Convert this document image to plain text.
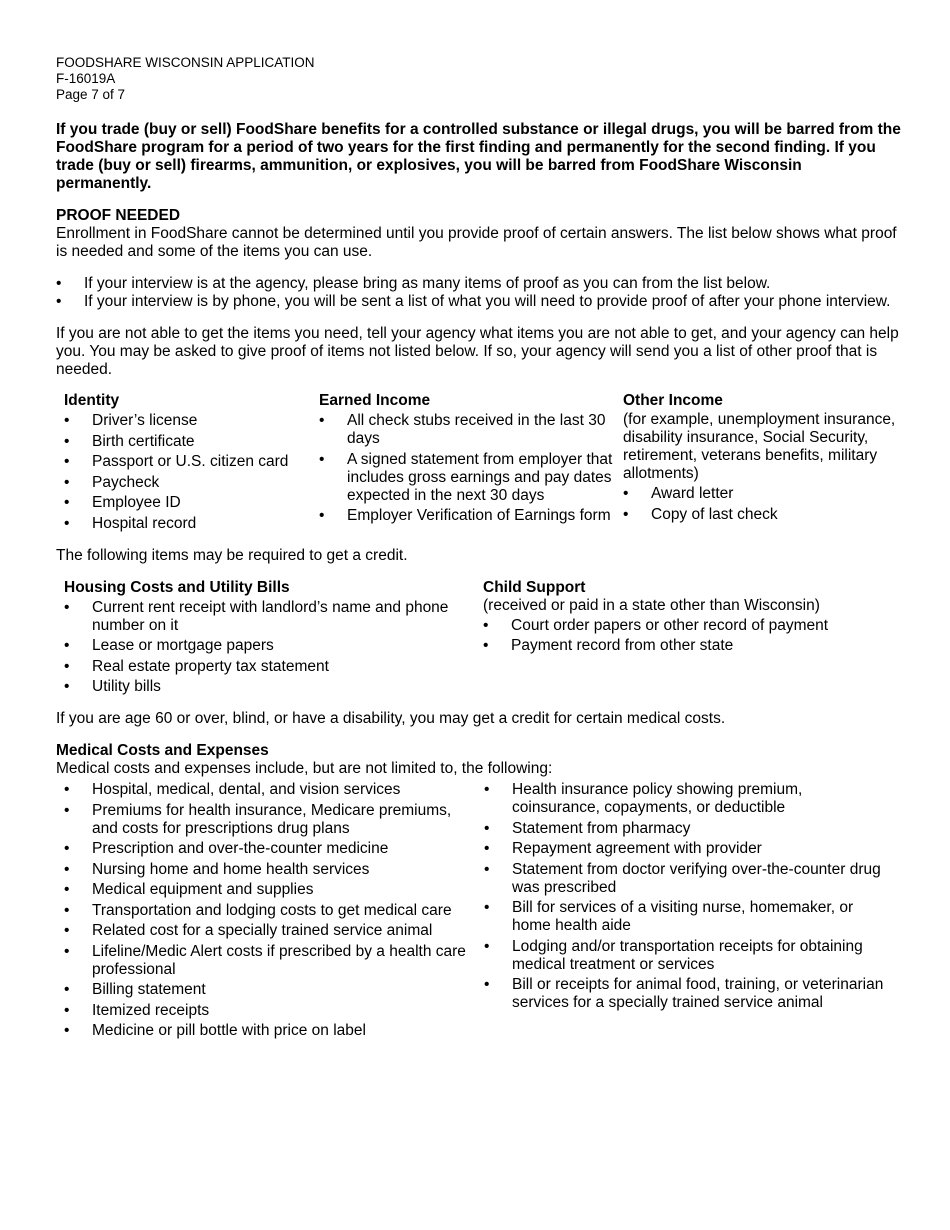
FOODSHARE WISCONSIN APPLICATION
F-16019A
Page 7 of 7
If you trade (buy or sell) FoodShare benefits for a controlled substance or illegal drugs, you will be barred from the FoodShare program for a period of two years for the first finding and permanently for the second finding. If you trade (buy or sell) firearms, ammunition, or explosives, you will be barred from FoodShare Wisconsin permanently.
PROOF NEEDED

Enrollment in FoodShare cannot be determined until you provide proof of certain answers. The list below shows what proof is needed and some of the items you can use.

• If your interview is at the agency, please bring as many items of proof as you can from the list below.
• If your interview is by phone, you will be sent a list of what you will need to provide proof of after your phone interview.

If you are not able to get the items you need, tell your agency what items you are not able to get, and your agency can help you. You may be asked to give proof of items not listed below. If so, your agency will send you a list of other proof that is needed.

Identity
• Driver’s license
• Birth certificate
• Passport or U.S. citizen card
• Paycheck
• Employee ID
• Hospital record
Earned Income
• All check stubs received in the last 30 days
• A signed statement from employer that includes gross earnings and pay dates expected in the next 30 days
• Employer Verification of Earnings form
Other Income

(for example, unemployment insurance, disability insurance, Social Security, retirement, veterans benefits, military allotments)

• Award letter
• Copy of last check

The following items may be required to get a credit.

Housing Costs and Utility Bills
• Current rent receipt with landlord’s name and phone number on it
• Lease or mortgage papers
• Real estate property tax statement
• Utility bills
Child Support

(received or paid in a state other than Wisconsin)

• Court order papers or other record of payment
• Payment record from other state

If you are age 60 or over, blind, or have a disability, you may get a credit for certain medical costs.

Medical Costs and Expenses

Medical costs and expenses include, but are not limited to, the following:

• Hospital, medical, dental, and vision services
• Premiums for health insurance, Medicare premiums, and costs for prescriptions drug plans
• Prescription and over-the-counter medicine
• Nursing home and home health services
• Medical equipment and supplies
• Transportation and lodging costs to get medical care
• Related cost for a specially trained service animal
• Lifeline/Medic Alert costs if prescribed by a health care professional
• Billing statement
• Itemized receipts
• Medicine or pill bottle with price on label
• Health insurance policy showing premium, coinsurance, copayments, or deductible
• Statement from pharmacy
• Repayment agreement with provider
• Statement from doctor verifying over-the-counter drug was prescribed
• Bill for services of a visiting nurse, homemaker, or home health aide
• Lodging and/or transportation receipts for obtaining medical treatment or services
• Bill or receipts for animal food, training, or veterinarian services for a specially trained service animal
